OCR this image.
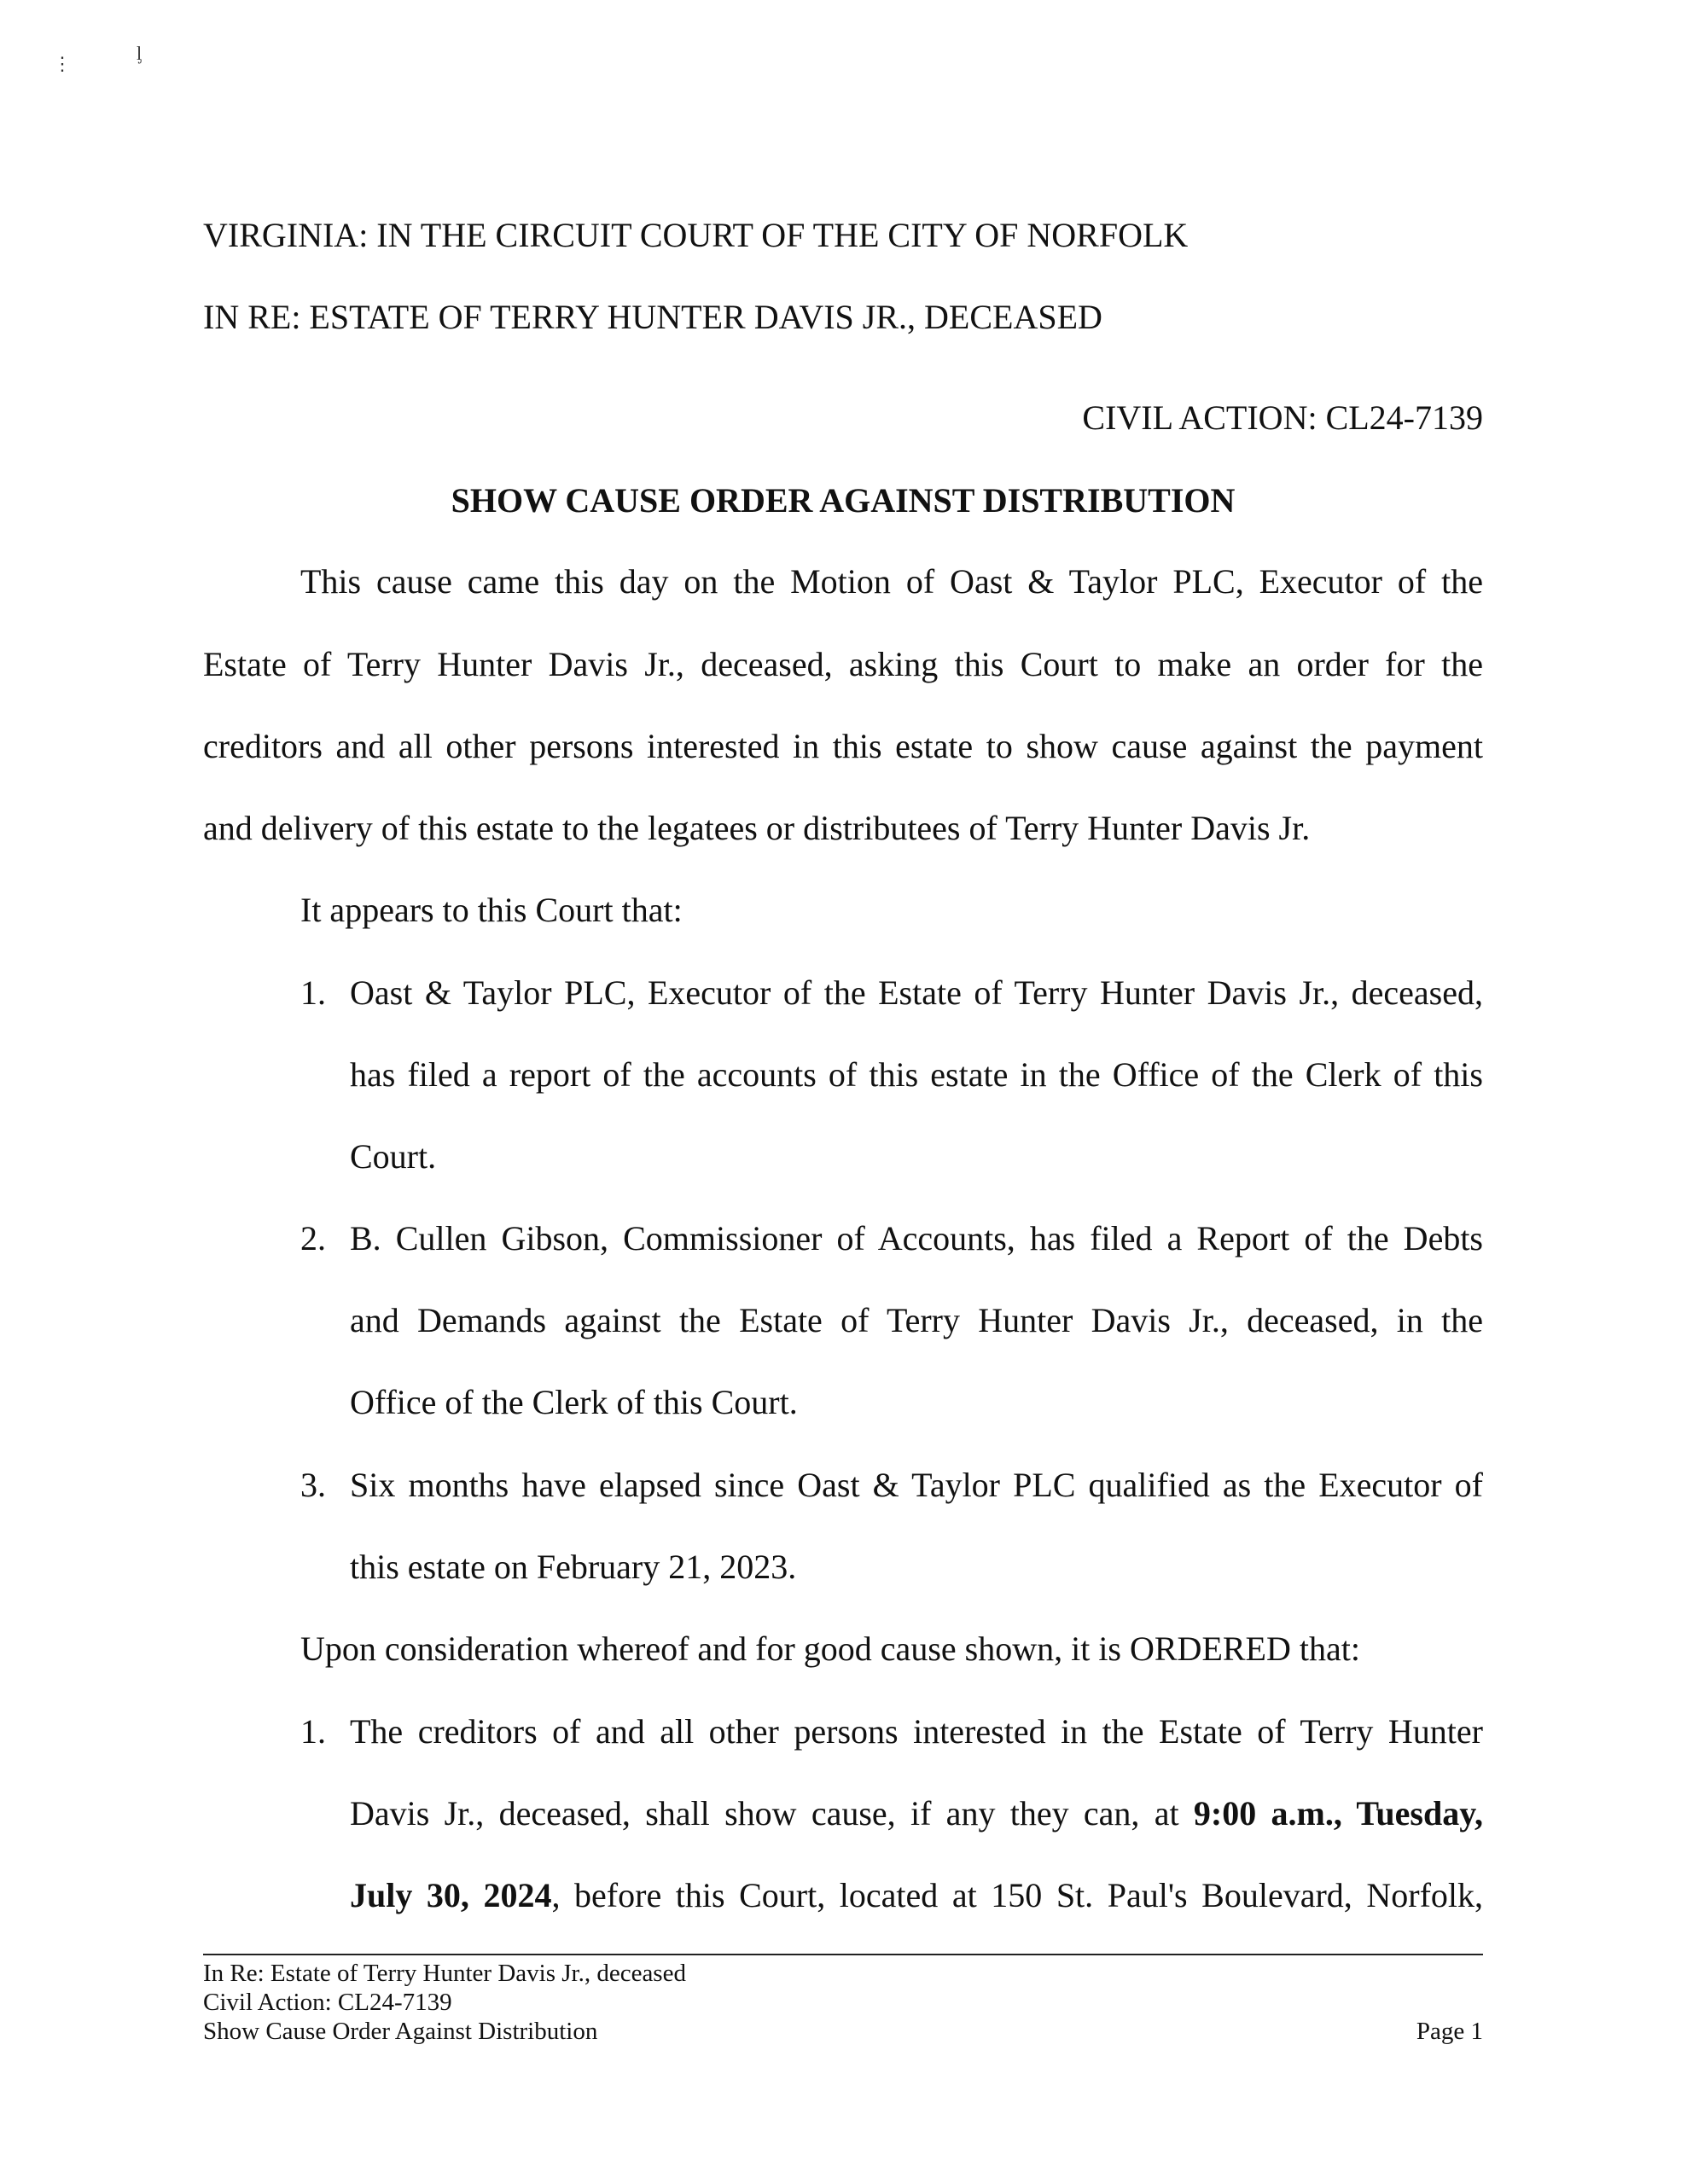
⋮	ᶅ
VIRGINIA: IN THE CIRCUIT COURT OF THE CITY OF NORFOLK
IN RE: ESTATE OF TERRY HUNTER DAVIS JR., DECEASED
CIVIL ACTION: CL24-7139
SHOW CAUSE ORDER AGAINST DISTRIBUTION
This cause came this day on the Motion of Oast & Taylor PLC, Executor of the
Estate of Terry Hunter Davis Jr., deceased, asking this Court to make an order for the
creditors and all other persons interested in this estate to show cause against the payment
and delivery of this estate to the legatees or distributees of Terry Hunter Davis Jr.
It appears to this Court that:
1. Oast & Taylor PLC, Executor of the Estate of Terry Hunter Davis Jr., deceased,
has filed a report of the accounts of this estate in the Office of the Clerk of this
Court.
2. B. Cullen Gibson, Commissioner of Accounts, has filed a Report of the Debts
and Demands against the Estate of Terry Hunter Davis Jr., deceased, in the
Office of the Clerk of this Court.
3. Six months have elapsed since Oast & Taylor PLC qualified as the Executor of
this estate on February 21, 2023.
Upon consideration whereof and for good cause shown, it is ORDERED that:
1. The creditors of and all other persons interested in the Estate of Terry Hunter
Davis Jr., deceased, shall show cause, if any they can, at 9:00 a.m., Tuesday,
July 30, 2024, before this Court, located at 150 St. Paul's Boulevard, Norfolk,
In Re: Estate of Terry Hunter Davis Jr., deceased
Civil Action: CL24-7139
Show Cause Order Against Distribution	Page 1
